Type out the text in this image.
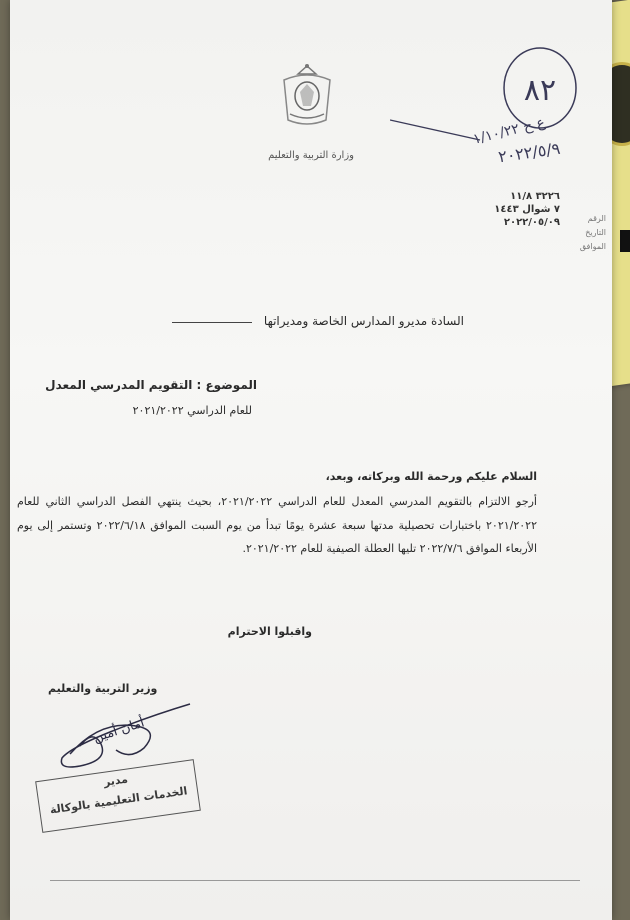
وزارة التربية والتعليم
٨٢
ع ح ١/١٠/٢٢
٢٠٢٢/٥/٩
٣٢٢٦ ١١/٨
٧ شوال ١٤٤٣
٢٠٢٢/٠٥/٠٩	الرقم
التاريخ
الموافق
السادة مديرو المدارس الخاصة ومديراتها
الموضوع : التقويم المدرسي المعدل
للعام الدراسي ٢٠٢١/٢٠٢٢
السلام عليكم ورحمة الله وبركاته، وبعد،
أرجو الالتزام بالتقويم المدرسي المعدل للعام الدراسي ٢٠٢١/٢٠٢٢، بحيث ينتهي الفصل الدراسي الثاني للعام ٢٠٢١/٢٠٢٢ باختبارات تحصيلية مدتها سبعة عشرة يومًا تبدأ من يوم السبت الموافق ٢٠٢٢/٦/١٨ وتستمر إلى يوم الأربعاء الموافق ٢٠٢٢/٧/٦ تليها العطلة الصيفية للعام ٢٠٢١/٢٠٢٢.
واقبلوا الاحترام
وزير التربية والتعليم
أمان أمين
مدير
الخدمات التعليمية بالوكالة
